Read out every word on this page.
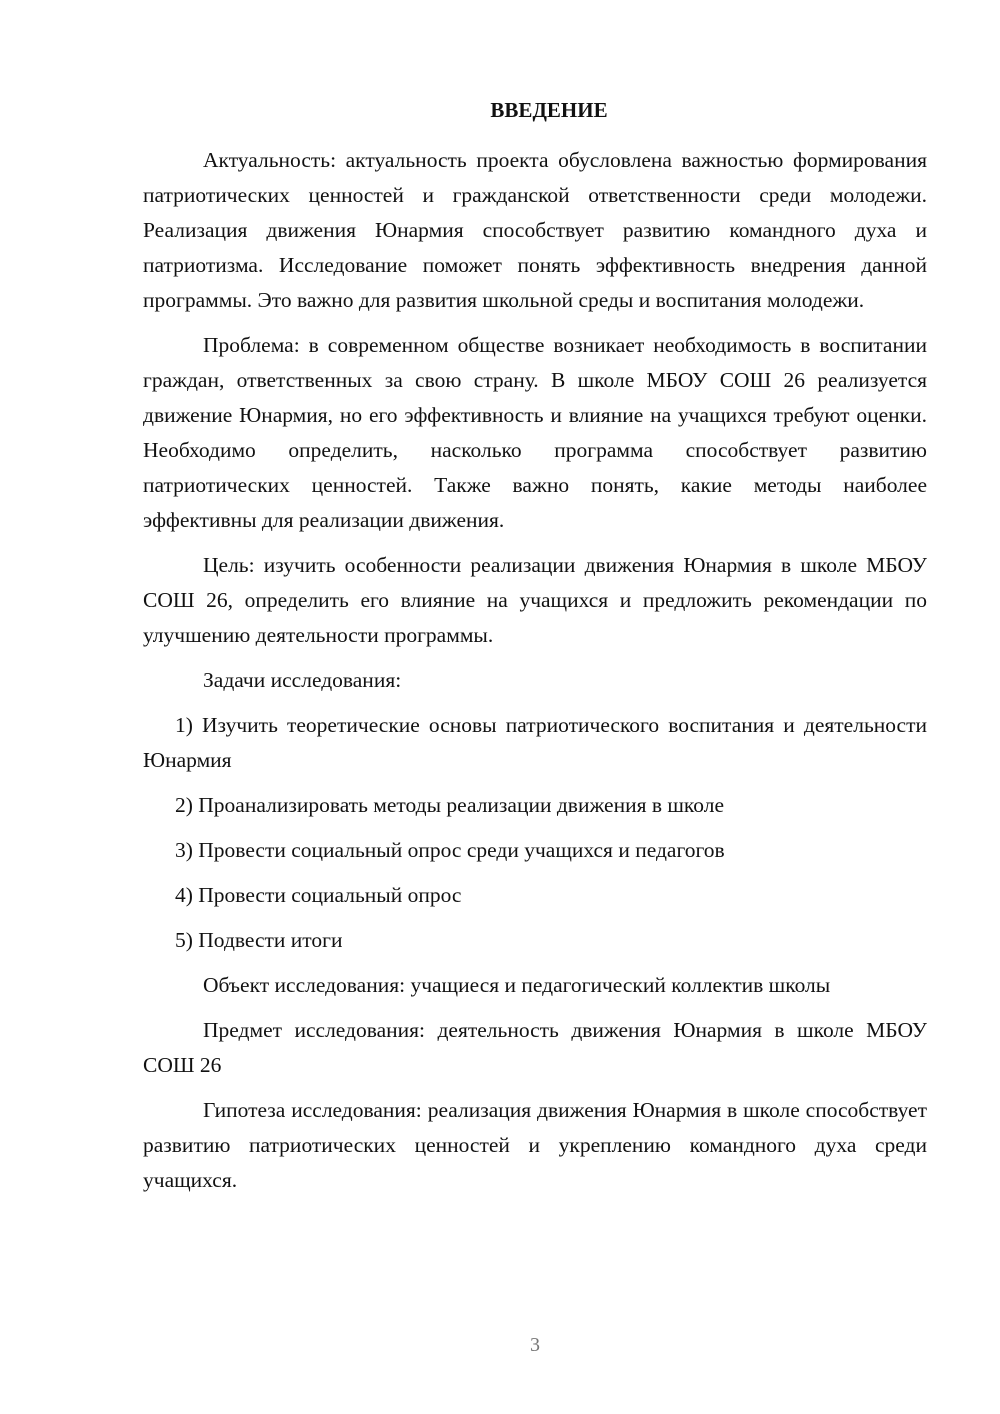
ВВЕДЕНИЕ

Актуальность: актуальность проекта обусловлена важностью формирования патриотических ценностей и гражданской ответственности среди молодежи. Реализация движения Юнармия способствует развитию командного духа и патриотизма. Исследование поможет понять эффективность внедрения данной программы. Это важно для развития школьной среды и воспитания молодежи.

Проблема: в современном обществе возникает необходимость в воспитании граждан, ответственных за свою страну. В школе МБОУ СОШ 26 реализуется движение Юнармия, но его эффективность и влияние на учащихся требуют оценки. Необходимо определить, насколько программа способствует развитию патриотических ценностей. Также важно понять, какие методы наиболее эффективны для реализации движения.

Цель: изучить особенности реализации движения Юнармия в школе МБОУ СОШ 26, определить его влияние на учащихся и предложить рекомендации по улучшению деятельности программы.

Задачи исследования:

1) Изучить теоретические основы патриотического воспитания и деятельности Юнармия

2) Проанализировать методы реализации движения в школе

3) Провести социальный опрос среди учащихся и педагогов

4) Провести социальный опрос

5) Подвести итоги

Объект исследования: учащиеся и педагогический коллектив школы

Предмет исследования: деятельность движения Юнармия в школе МБОУ СОШ 26

Гипотеза исследования: реализация движения Юнармия в школе способствует развитию патриотических ценностей и укреплению командного духа среди учащихся.

3
